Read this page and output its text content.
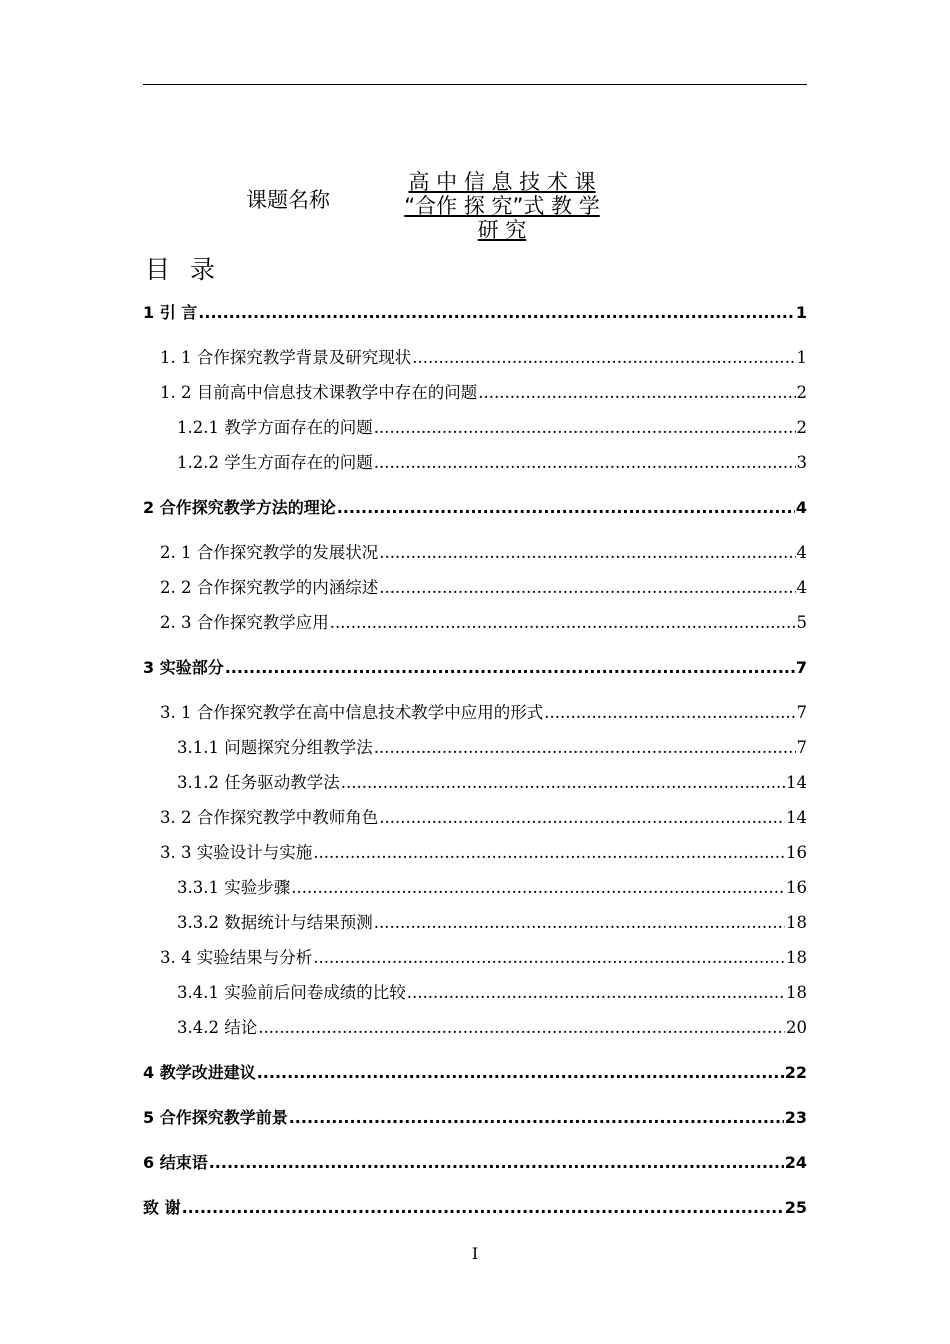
课题名称
高 中 信 息 技 术 课
“合作 探 究”式 教 学
研 究
目 录
1 引 言 .....	1
1. 1 合作探究教学背景及研究现状 .....	1
1. 2 目前高中信息技术课教学中存在的问题 .....	2
1.2.1 教学方面存在的问题 .....	2
1.2.2 学生方面存在的问题 .....	3
2 合作探究教学方法的理论 .....	4
2. 1 合作探究教学的发展状况 .....	4
2. 2 合作探究教学的内涵综述 .....	4
2. 3 合作探究教学应用 .....	5
3 实验部分 .....	7
3. 1 合作探究教学在高中信息技术教学中应用的形式 .....	7
3.1.1 问题探究分组教学法 .....	7
3.1.2 任务驱动教学法 .....	14
3. 2 合作探究教学中教师角色 .....	14
3. 3 实验设计与实施 .....	16
3.3.1 实验步骤 .....	16
3.3.2 数据统计与结果预测 .....	18
3. 4 实验结果与分析 .....	18
3.4.1 实验前后问卷成绩的比较 .....	18
3.4.2 结论 .....	20
4 教学改进建议 .....	22
5 合作探究教学前景 .....	23
6 结束语 .....	24
致 谢 .....	25
I
